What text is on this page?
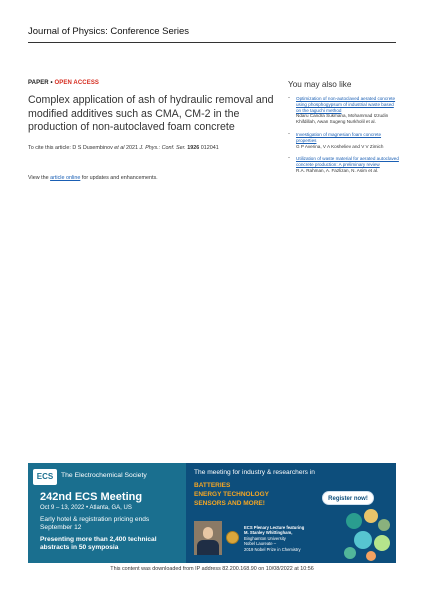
Journal of Physics: Conference Series
PAPER • OPEN ACCESS
Complex application of ash of hydraulic removal and modified additives such as CMA, CM-2 in the production of non-autoclaved foam concrete
To cite this article: D S Dusembinov et al 2021 J. Phys.: Conf. Ser. 1926 012041
View the article online for updates and enhancements.
You may also like
- Optimization of non-autoclaved aerated concrete using phosphogypsum of industrial waste based on the taguchi method
Ndaru Candra Sukmana, Mohammad Izzudin Khifdillah, Awan Sugeng Nurkholil et al.
- Investigation of magnesian foam concrete properties
G P Averina, V A Kosheliev and V V Zimich
- Utilization of waste material for aerated autoclaved concrete production: A preliminary review
R.A. Rahman, A. Fazlizan, N. Asim et al.
ECS	The Electrochemical Society
242nd ECS Meeting
Oct 9 – 13, 2022 • Atlanta, GA, US
Early hotel & registration pricing ends September 12
Presenting more than 2,400 technical abstracts in 50 symposia
The meeting for industry & researchers in
BATTERIES
ENERGY TECHNOLOGY
SENSORS AND MORE!
Register now!
ECS Plenary Lecture featuring
M. Stanley Whittingham,
Binghamton University
Nobel Laureate –
2019 Nobel Prize in Chemistry
This content was downloaded from IP address 82.200.168.90 on 10/08/2022 at 10:56
